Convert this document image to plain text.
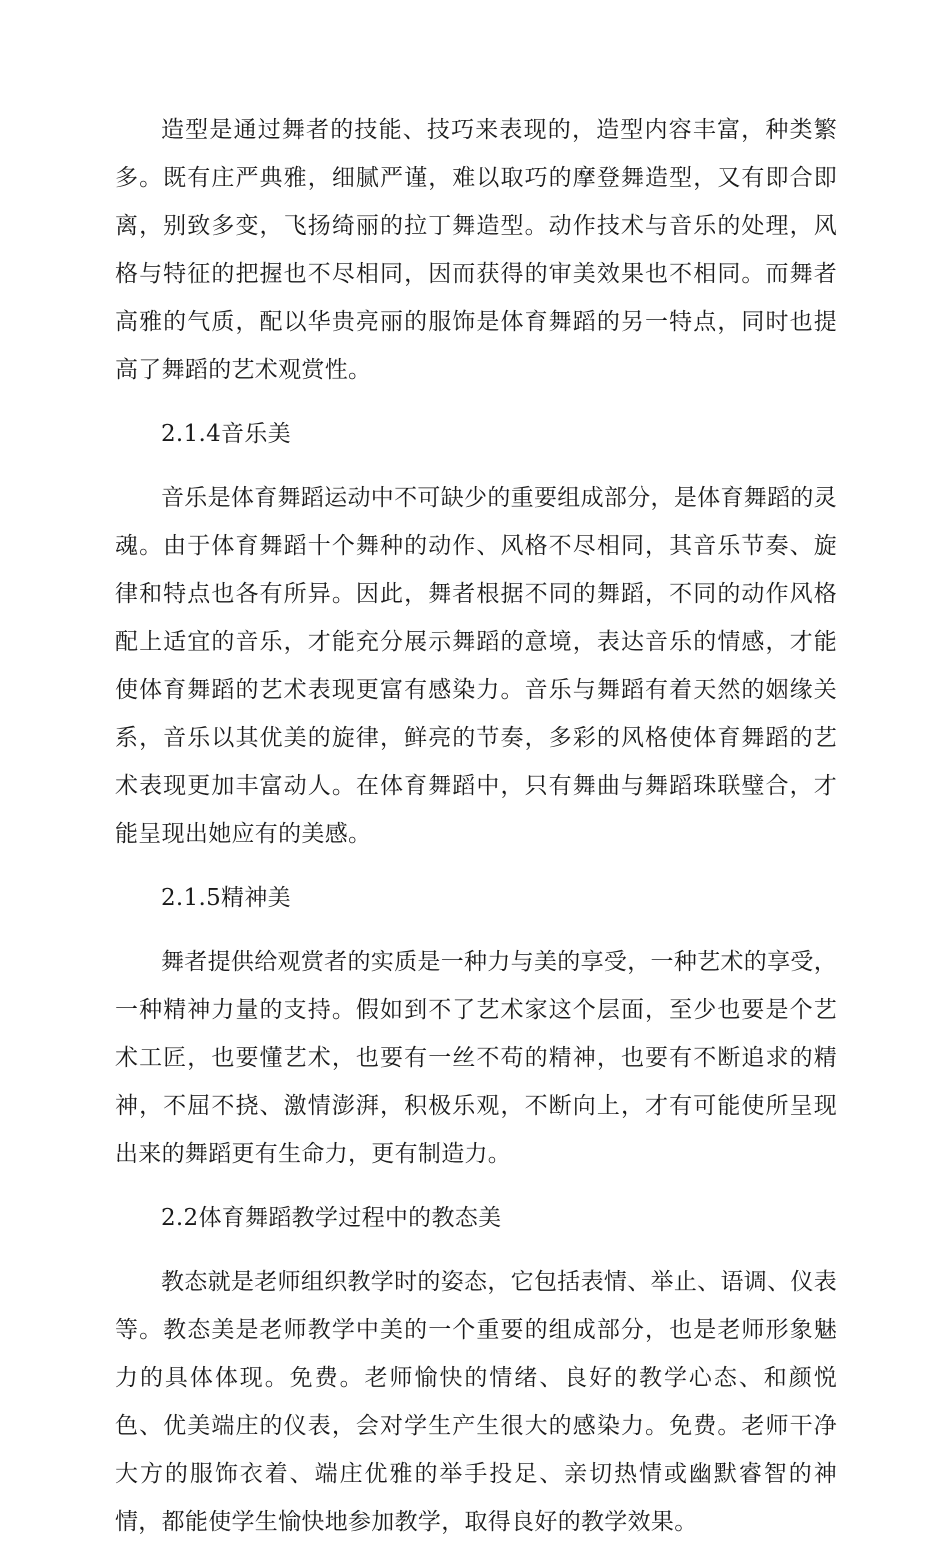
造型是通过舞者的技能、技巧来表现的，造型内容丰富，种类繁多。既有庄严典雅，细腻严谨，难以取巧的摩登舞造型，又有即合即离，别致多变，飞扬绮丽的拉丁舞造型。动作技术与音乐的处理，风格与特征的把握也不尽相同，因而获得的审美效果也不相同。而舞者高雅的气质，配以华贵亮丽的服饰是体育舞蹈的另一特点，同时也提高了舞蹈的艺术观赏性。

2.1.4音乐美

音乐是体育舞蹈运动中不可缺少的重要组成部分，是体育舞蹈的灵魂。由于体育舞蹈十个舞种的动作、风格不尽相同，其音乐节奏、旋律和特点也各有所异。因此，舞者根据不同的舞蹈，不同的动作风格配上适宜的音乐，才能充分展示舞蹈的意境，表达音乐的情感，才能使体育舞蹈的艺术表现更富有感染力。音乐与舞蹈有着天然的姻缘关系，音乐以其优美的旋律，鲜亮的节奏，多彩的风格使体育舞蹈的艺术表现更加丰富动人。在体育舞蹈中，只有舞曲与舞蹈珠联璧合，才能呈现出她应有的美感。

2.1.5精神美

舞者提供给观赏者的实质是一种力与美的享受，一种艺术的享受，一种精神力量的支持。假如到不了艺术家这个层面，至少也要是个艺术工匠，也要懂艺术，也要有一丝不苟的精神，也要有不断追求的精神，不屈不挠、激情澎湃，积极乐观，不断向上，才有可能使所呈现出来的舞蹈更有生命力，更有制造力。

2.2体育舞蹈教学过程中的教态美

教态就是老师组织教学时的姿态，它包括表情、举止、语调、仪表等。教态美是老师教学中美的一个重要的组成部分，也是老师形象魅力的具体体现。免费。老师愉快的情绪、良好的教学心态、和颜悦色、优美端庄的仪表，会对学生产生很大的感染力。免费。老师干净大方的服饰衣着、端庄优雅的举手投足、亲切热情或幽默睿智的神情，都能使学生愉快地参加教学，取得良好的教学效果。
